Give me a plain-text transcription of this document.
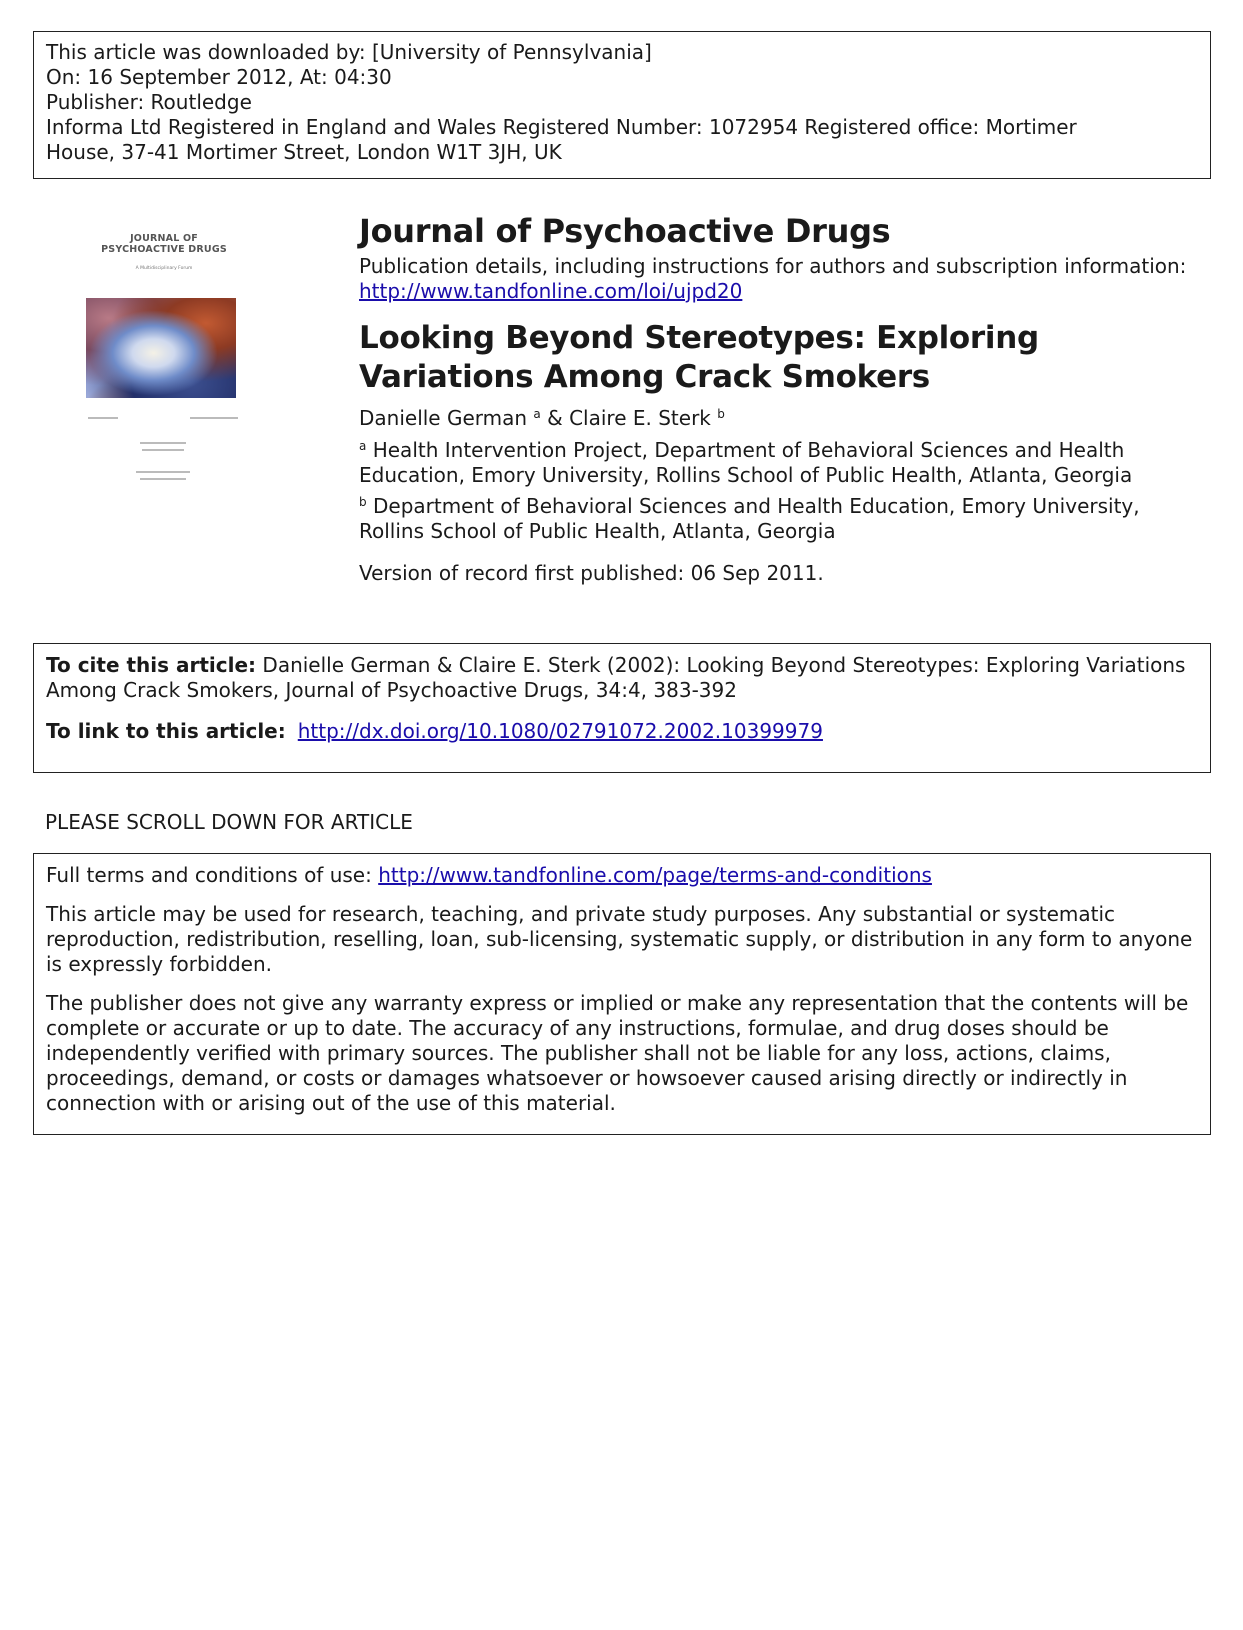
This article was downloaded by: [University of Pennsylvania]
On: 16 September 2012, At: 04:30
Publisher: Routledge
Informa Ltd Registered in England and Wales Registered Number: 1072954 Registered office: Mortimer
House, 37-41 Mortimer Street, London W1T 3JH, UK
JOURNAL OF
PSYCHOACTIVE DRUGS
A Multidisciplinary Forum
Journal of Psychoactive Drugs
Publication details, including instructions for authors and subscription information:
http://www.tandfonline.com/loi/ujpd20
Looking Beyond Stereotypes: Exploring Variations Among Crack Smokers
Danielle German $^a$ & Claire E. Sterk $^b$
$^a$ Health Intervention Project, Department of Behavioral Sciences and Health Education, Emory University, Rollins School of Public Health, Atlanta, Georgia
$^b$ Department of Behavioral Sciences and Health Education, Emory University, Rollins School of Public Health, Atlanta, Georgia
Version of record first published: 06 Sep 2011.
To cite this article: Danielle German & Claire E. Sterk (2002): Looking Beyond Stereotypes: Exploring Variations Among Crack Smokers, Journal of Psychoactive Drugs, 34:4, 383-392
To link to this article: http://dx.doi.org/10.1080/02791072.2002.10399979
PLEASE SCROLL DOWN FOR ARTICLE
Full terms and conditions of use: http://www.tandfonline.com/page/terms-and-conditions

This article may be used for research, teaching, and private study purposes. Any substantial or systematic reproduction, redistribution, reselling, loan, sub-licensing, systematic supply, or distribution in any form to anyone is expressly forbidden.

The publisher does not give any warranty express or implied or make any representation that the contents will be complete or accurate or up to date. The accuracy of any instructions, formulae, and drug doses should be independently verified with primary sources. The publisher shall not be liable for any loss, actions, claims, proceedings, demand, or costs or damages whatsoever or howsoever caused arising directly or indirectly in connection with or arising out of the use of this material.
